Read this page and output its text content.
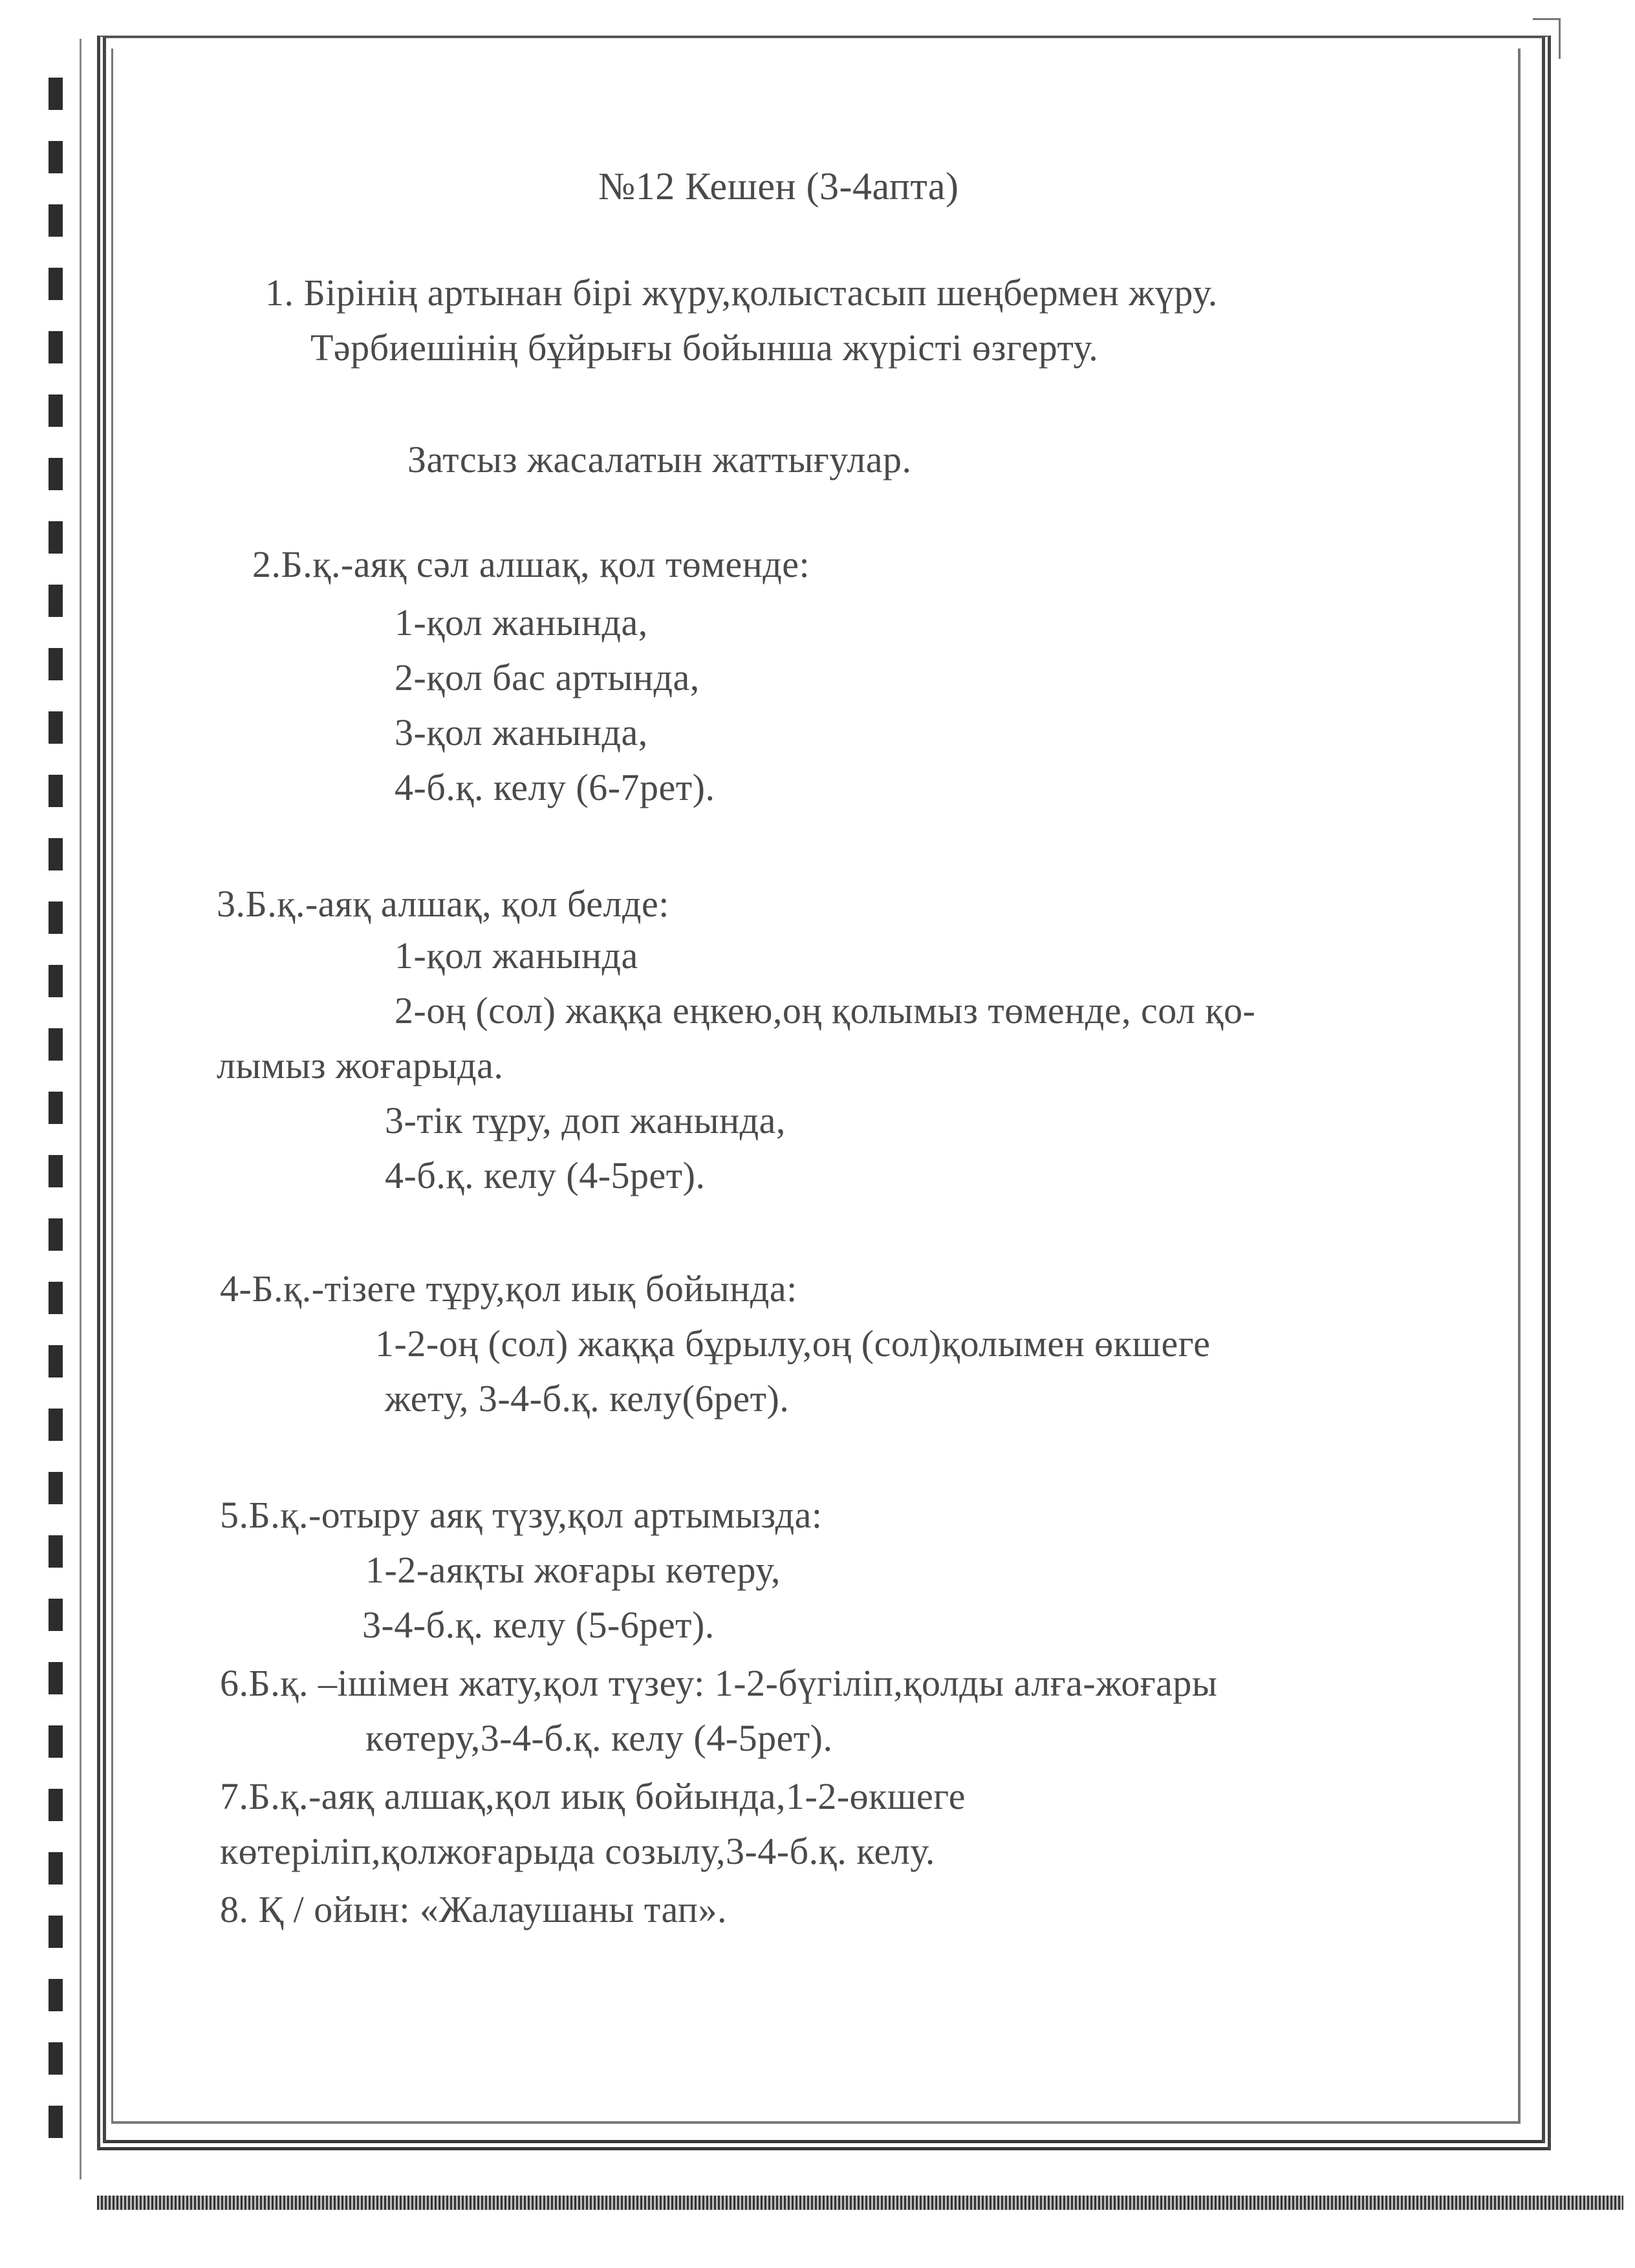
№12 Кешен (3-4апта)
1. Бірінің артынан бірі жүру,қолыстасып шеңбермен жүру.
Тәрбиешінің бұйрығы бойынша жүрісті өзгерту.
Затсыз жасалатын жаттығулар.
2.Б.қ.-аяқ сәл алшақ, қол төменде:
1-қол жанында,
2-қол бас артында,
3-қол жанында,
4-б.қ. келу (6-7рет).
3.Б.қ.-аяқ алшақ, қол белде:
1-қол жанында
2-оң (сол) жаққа еңкею,оң қолымыз төменде, сол қо-
лымыз жоғарыда.
3-тік тұру, доп жанында,
4-б.қ. келу (4-5рет).
4-Б.қ.-тізеге тұру,қол иық бойында:
1-2-оң (сол) жаққа бұрылу,оң (сол)қолымен өкшеге
жету, 3-4-б.қ. келу(6рет).
5.Б.қ.-отыру аяқ түзу,қол артымызда:
1-2-аяқты жоғары көтеру,
3-4-б.қ. келу (5-6рет).
6.Б.қ. –ішімен жату,қол түзеу: 1-2-бүгіліп,қолды алға-жоғары
көтеру,3-4-б.қ. келу (4-5рет).
7.Б.қ.-аяқ алшақ,қол иық бойында,1-2-өкшеге
көтеріліп,қолжоғарыда созылу,3-4-б.қ. келу.
8. Қ / ойын: «Жалаушаны тап».
